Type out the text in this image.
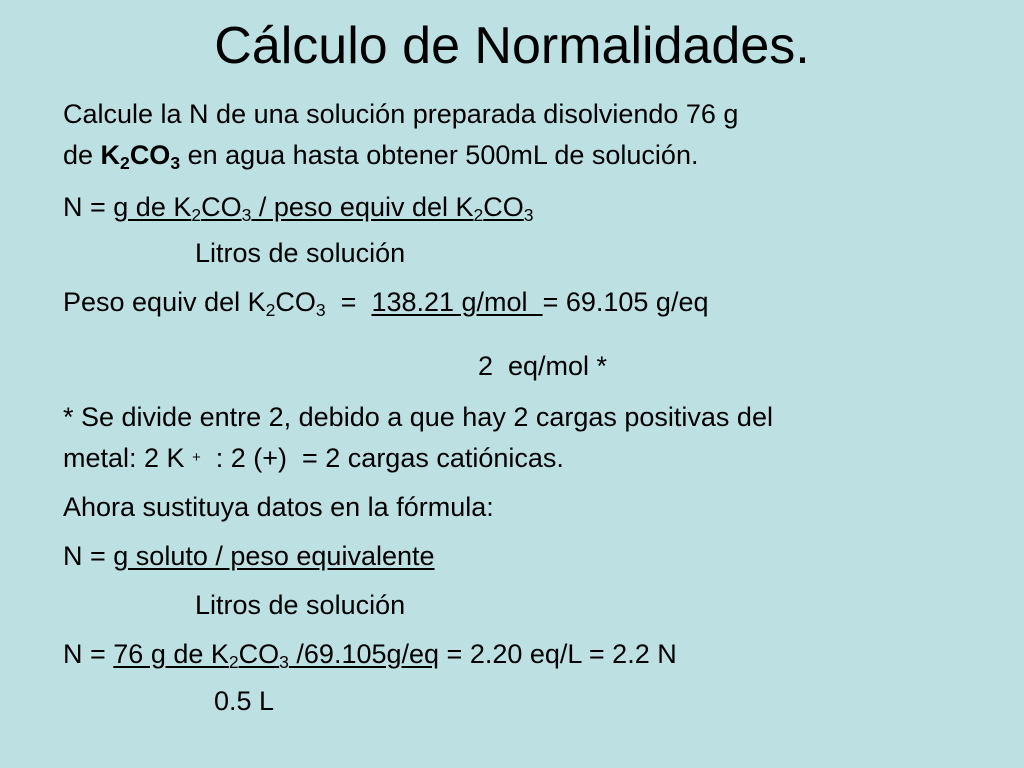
Cálculo de Normalidades.
Calcule la N de una solución preparada disolviendo 76 g
de $K_2CO_3$ en agua hasta obtener 500mL de solución.
N = g de $K_2CO_3$ / peso equiv del $K_2CO_3$
Litros de solución
Peso equiv del $K_2CO_3 = 138.21$ g/mol  = 69.105 g/eq
2  eq/mol *
* Se divide entre 2, debido a que hay 2 cargas positivas del
metal: 2 K +  : 2 (+)  = 2 cargas catiónicas.
Ahora sustituya datos en la fórmula:
N = g soluto / peso equivalente
Litros de solución
N = 76 g de $K_2CO_3$ /69.105g/eq = 2.20 eq/L = 2.2 N
0.5 L
